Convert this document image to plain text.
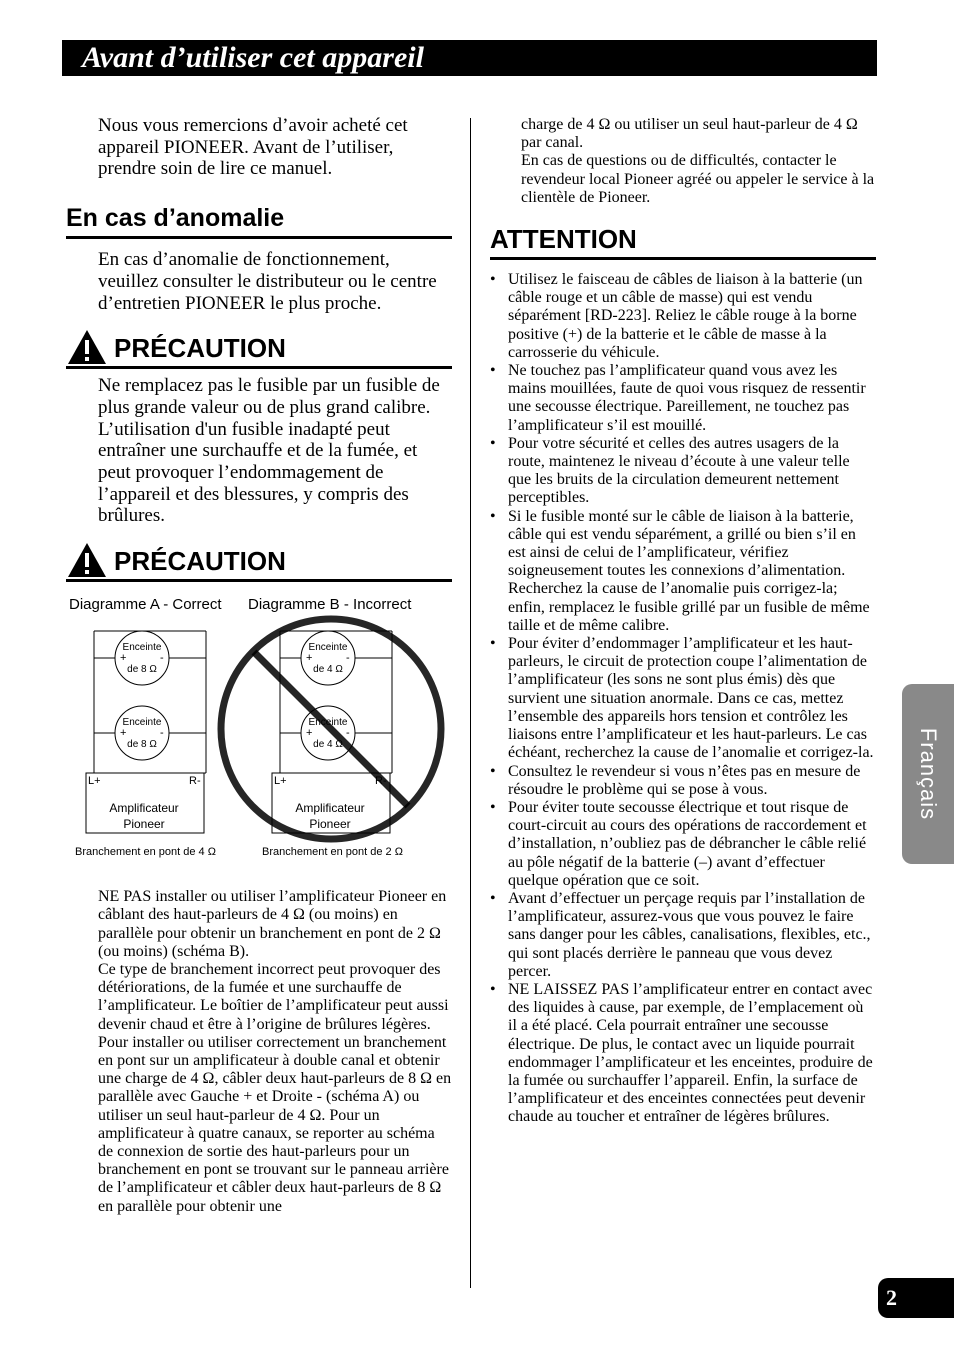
Avant d’utiliser cet appareil

Nous vous remercions d’avoir acheté cet appareil PIONEER. Avant de l’utiliser, prendre soin de lire ce manuel.

En cas d’anomalie

En cas d’anomalie de fonctionnement, veuillez consulter le distributeur ou le centre d’entretien PIONEER le plus proche.

PRÉCAUTION

Ne remplacez pas le fusible par un fusible de plus grande valeur ou de plus grand calibre. L’utilisation d'un fusible inadapté peut entraîner une surchauffe et de la fumée, et peut provoquer l’endommagement de l’appareil et des blessures, y compris des brûlures.

PRÉCAUTION
Diagramme A - Correct Diagramme B - Incorrect
Enceinte
de 8 Ω
+	-
Enceinte
de 8 Ω
+	-
L+	R-
Amplificateur
Pioneer
Branchement en pont de 4 Ω
Enceinte
de 4 Ω
+	-
Enceinte
de 4 Ω
+	-
L+	R-
Amplificateur
Pioneer
Branchement en pont de 2 Ω

NE PAS installer ou utiliser l’amplificateur Pioneer en câblant des haut-parleurs de 4 Ω (ou moins) en parallèle pour obtenir un branchement en pont de 2 Ω (ou moins) (schéma B).

Ce type de branchement incorrect peut provoquer des détériorations, de la fumée et une surchauffe de l’amplificateur. Le boîtier de l’amplificateur peut aussi devenir chaud et être à l’origine de brûlures légères.

Pour installer ou utiliser correctement un branchement en pont sur un amplificateur à double canal et obtenir une charge de 4 Ω, câbler deux haut-parleurs de 8 Ω en parallèle avec Gauche + et Droite - (schéma A) ou utiliser un seul haut-parleur de 4 Ω. Pour un amplificateur à quatre canaux, se reporter au schéma de connexion de sortie des haut-parleurs pour un branchement en pont se trouvant sur le panneau arrière de l’amplificateur et câbler deux haut-parleurs de 8 Ω en parallèle pour obtenir une

charge de 4 Ω ou utiliser un seul haut-parleur de 4 Ω par canal.

En cas de questions ou de difficultés, contacter le revendeur local Pioneer agréé ou appeler le service à la clientèle de Pioneer.

ATTENTION
• Utilisez le faisceau de câbles de liaison à la batterie (un câble rouge et un câble de masse) qui est vendu séparément [RD-223]. Reliez le câble rouge à la borne positive (+) de la batterie et le câble de masse à la carrosserie du véhicule.
• Ne touchez pas l’amplificateur quand vous avez les mains mouillées, faute de quoi vous risquez de ressentir une secousse électrique. Pareillement, ne touchez pas l’amplificateur s’il est mouillé.
• Pour votre sécurité et celles des autres usagers de la route, maintenez le niveau d’écoute à une valeur telle que les bruits de la circulation demeurent nettement perceptibles.
• Si le fusible monté sur le câble de liaison à la batterie, câble qui est vendu séparément, a grillé ou bien s’il en est ainsi de celui de l’amplificateur, vérifiez soigneusement toutes les connexions d’alimentation. Recherchez la cause de l’anomalie puis corrigez-la; enfin, remplacez le fusible grillé par un fusible de même taille et de même calibre.
• Pour éviter d’endommager l’amplificateur et les haut-parleurs, le circuit de protection coupe l’alimentation de l’amplificateur (les sons ne sont plus émis) dès que survient une situation anormale. Dans ce cas, mettez l’ensemble des appareils hors tension et contrôlez les liaisons entre l’amplificateur et les haut-parleurs. Le cas échéant, recherchez la cause de l’anomalie et corrigez-la.
• Consultez le revendeur si vous n’êtes pas en mesure de résoudre le problème qui se pose à vous.
• Pour éviter toute secousse électrique et tout risque de court-circuit au cours des opérations de raccordement et d’installation, n’oubliez pas de débrancher le câble relié au pôle négatif de la batterie (–) avant d’effectuer quelque opération que ce soit.
• Avant d’effectuer un perçage requis par l’installation de l’amplificateur, assurez-vous que vous pouvez le faire sans danger pour les câbles, canalisations, flexibles, etc., qui sont placés derrière le panneau que vous devez percer.
• NE LAISSEZ PAS l’amplificateur entrer en contact avec des liquides à cause, par exemple, de l’emplacement où il a été placé. Cela pourrait entraîner une secousse électrique. De plus, le contact avec un liquide pourrait endommager l’amplificateur et les enceintes, produire de la fumée ou surchauffer l’appareil. Enfin, la surface de l’amplificateur et des enceintes connectées peut devenir chaude au toucher et entraîner de légères brûlures.
Français
2
